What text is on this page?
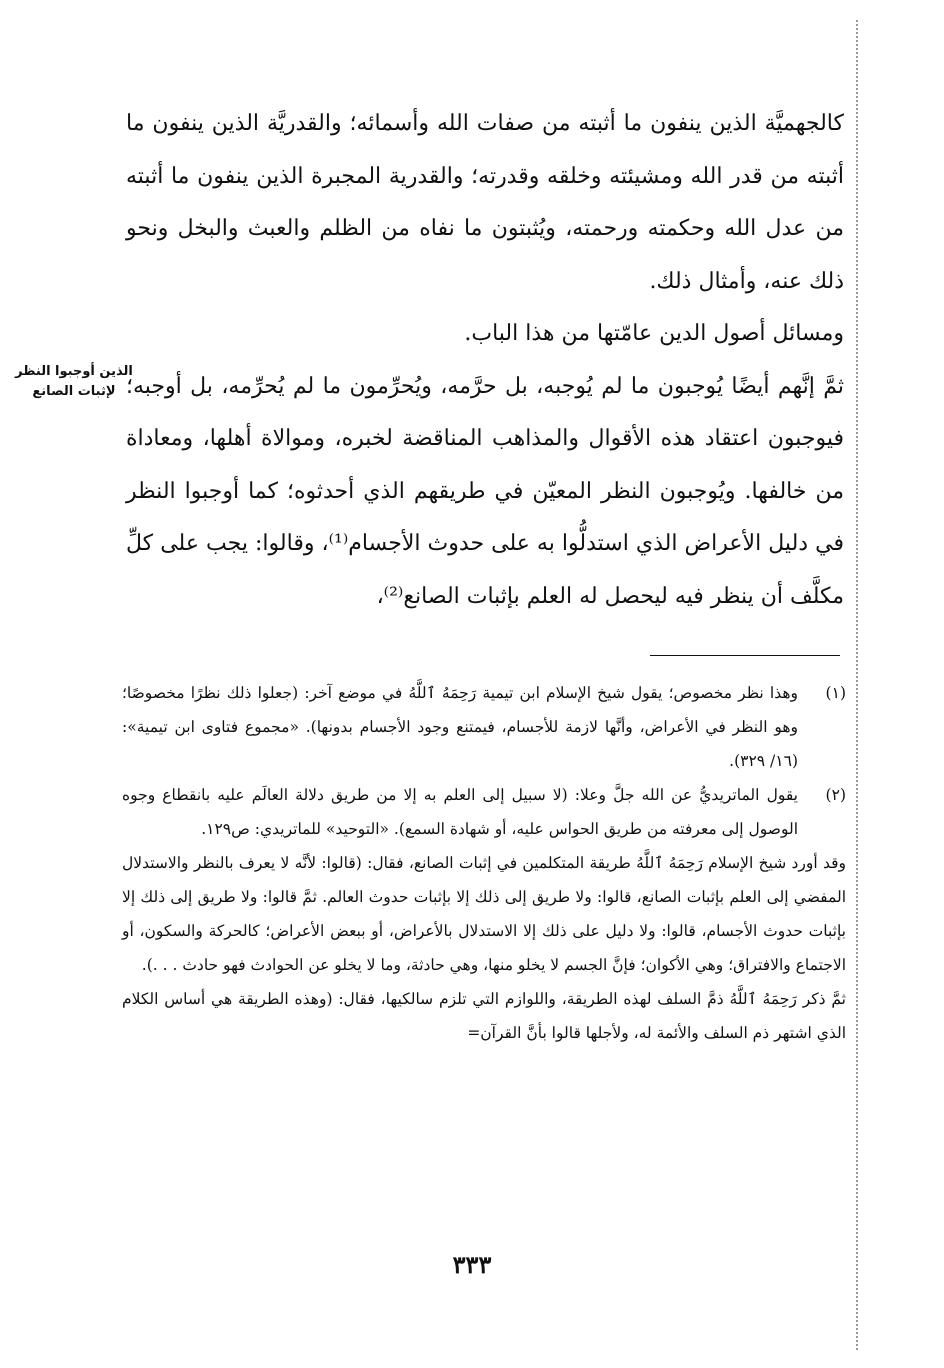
كالجهميَّة الذين ينفون ما أثبته من صفات الله وأسمائه؛ والقدريَّة الذين ينفون ما أثبته من قدر الله ومشيئته وخلقه وقدرته؛ والقدرية المجبرة الذين ينفون ما أثبته من عدل الله وحكمته ورحمته، ويُثبتون ما نفاه من الظلم والعبث والبخل ونحو ذلك عنه، وأمثال ذلك.

ومسائل أصول الدين عامّتها من هذا الباب.

ثمَّ إنَّهم أيضًا يُوجبون ما لم يُوجبه، بل حرَّمه، ويُحرِّمون ما لم يُحرِّمه، بل أوجبه؛ فيوجبون اعتقاد هذه الأقوال والمذاهب المناقضة لخبره، وموالاة أهلها، ومعاداة من خالفها. ويُوجبون النظر المعيّن في طريقهم الذي أحدثوه؛ كما أوجبوا النظر في دليل الأعراض الذي استدلُّوا به على حدوث الأجسام⁽¹⁾، وقالوا: يجب على كلِّ مكلَّف أن ينظر فيه ليحصل له العلم بإثبات الصانع⁽²⁾،

الذين أوجبوا النظر لإثبات الصانع
(١)

وهذا نظر مخصوص؛ يقول شيخ الإسلام ابن تيمية رَحِمَهُ ٱللَّهُ في موضع آخر: (جعلوا ذلك نظرًا مخصوصًا؛ وهو النظر في الأعراض، وأنَّها لازمة للأجسام، فيمتنع وجود الأجسام بدونها). «مجموع فتاوى ابن تيمية»: (١٦/ ٣٢٩).

(٢)

يقول الماتريديُّ عن الله جلَّ وعلا: (لا سبيل إلى العلم به إلا من طريق دلالة العالَم عليه بانقطاع وجوه الوصول إلى معرفته من طريق الحواس عليه، أو شهادة السمع). «التوحيد» للماتريدي: ص١٢٩.

وقد أورد شيخ الإسلام رَحِمَهُ ٱللَّهُ طريقة المتكلمين في إثبات الصانع، فقال: (قالوا: لأنَّه لا يعرف بالنظر والاستدلال المفضي إلى العلم بإثبات الصانع، قالوا: ولا طريق إلى ذلك إلا بإثبات حدوث العالم. ثمَّ قالوا: ولا طريق إلى ذلك إلا بإثبات حدوث الأجسام، قالوا: ولا دليل على ذلك إلا الاستدلال بالأعراض، أو ببعض الأعراض؛ كالحركة والسكون، أو الاجتماع والافتراق؛ وهي الأكوان؛ فإنَّ الجسم لا يخلو منها، وهي حادثة، وما لا يخلو عن الحوادث فهو حادث . . .).

ثمَّ ذكر رَحِمَهُ ٱللَّهُ ذمَّ السلف لهذه الطريقة، واللوازم التي تلزم سالكيها، فقال: (وهذه الطريقة هي أساس الكلام الذي اشتهر ذم السلف والأئمة له، ولأجلها قالوا بأنَّ القرآن=

٣٣٣
